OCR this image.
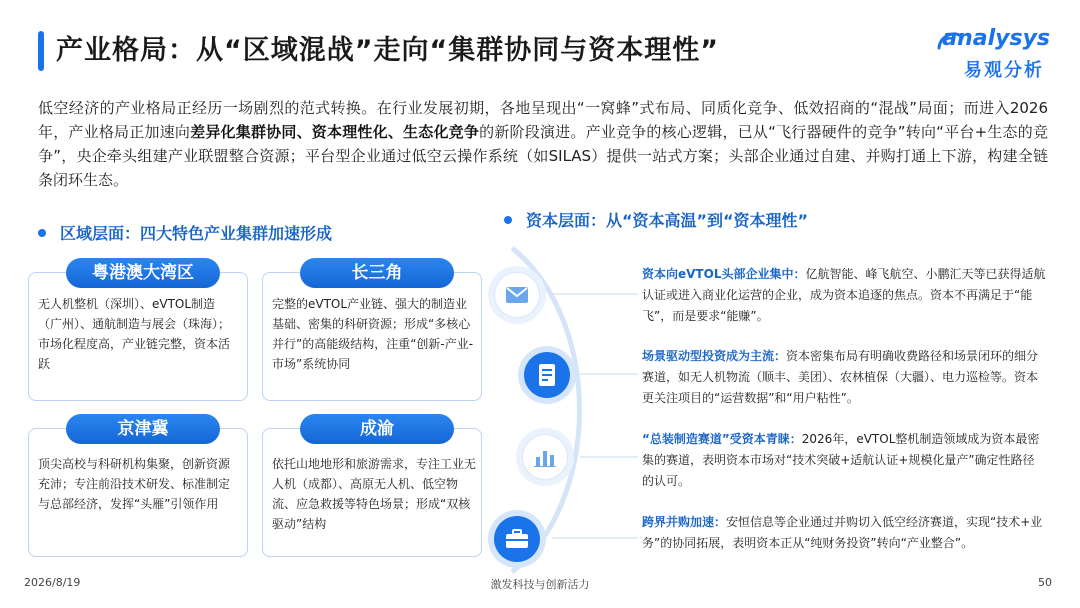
产业格局：从“区域混战”走向“集群协同与资本理性”	analysys
易观分析

低空经济的产业格局正经历一场剧烈的范式转换。在行业发展初期，各地呈现出“一窝蜂”式布局、同质化竞争、低效招商的“混战”局面；而进入2026年，产业格局正加速向差异化集群协同、资本理性化、生态化竞争的新阶段演进。产业竞争的核心逻辑，已从“飞行器硬件的竞争”转向“平台+生态的竞争”，央企牵头组建产业联盟整合资源；平台型企业通过低空云操作系统（如SILAS）提供一站式方案；头部企业通过自建、并购打通上下游，构建全链条闭环生态。

区域层面：四大特色产业集群加速形成
粤港澳大湾区
无人机整机（深圳）、eVTOL制造（广州）、通航制造与展会（珠海）；市场化程度高，产业链完整，资本活跃
长三角
完整的eVTOL产业链、强大的制造业基础、密集的科研资源；形成“多核心并行”的高能级结构，注重“创新-产业-市场”系统协同
京津冀
顶尖高校与科研机构集聚，创新资源充沛；专注前沿技术研发、标准制定与总部经济，发挥“头雁”引领作用
成渝
依托山地地形和旅游需求，专注工业无人机（成都）、高原无人机、低空物流、应急救援等特色场景；形成“双核驱动”结构
资本层面：从“资本高温”到“资本理性”
资本向eVTOL头部企业集中：亿航智能、峰飞航空、小鹏汇天等已获得适航认证或进入商业化运营的企业，成为资本追逐的焦点。资本不再满足于“能飞”，而是要求“能赚”。
场景驱动型投资成为主流：资本密集布局有明确收费路径和场景闭环的细分赛道，如无人机物流（顺丰、美团）、农林植保（大疆）、电力巡检等。资本更关注项目的“运营数据”和“用户粘性”。
“总装制造赛道”受资本青睐：2026年，eVTOL整机制造领域成为资本最密集的赛道，表明资本市场对“技术突破+适航认证+规模化量产”确定性路径的认可。
跨界并购加速：安恒信息等企业通过并购切入低空经济赛道，实现“技术+业务”的协同拓展，表明资本正从“纯财务投资”转向“产业整合”。
2026/8/19	激发科技与创新活力	50
